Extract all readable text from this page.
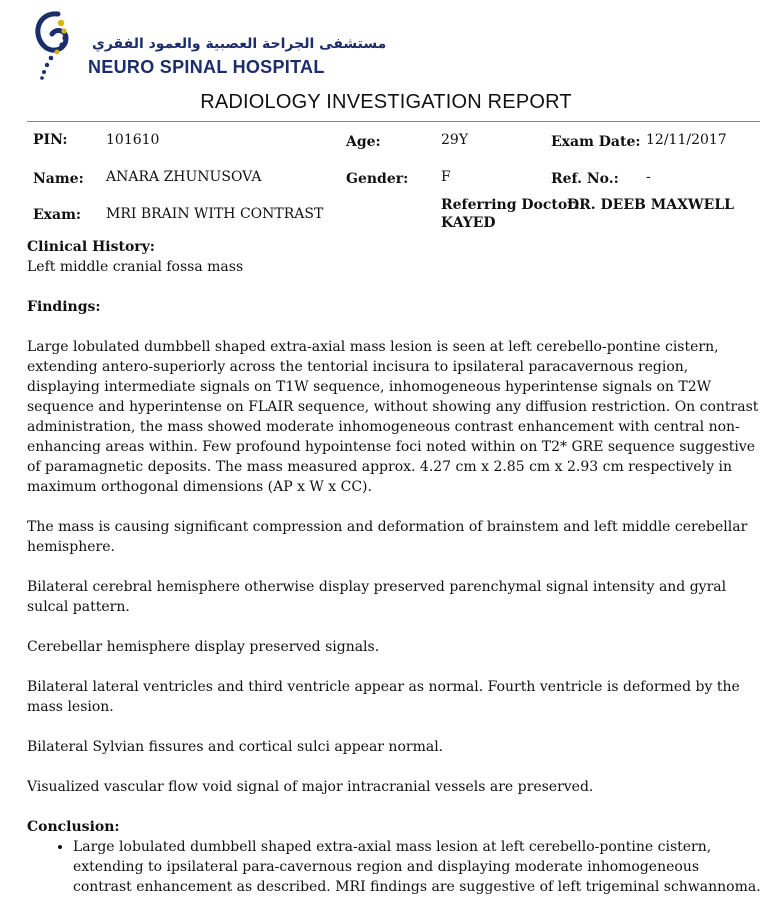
مستشفى الجراحة العصبية والعمود الفقري
NEURO SPINAL HOSPITAL
RADIOLOGY INVESTIGATION REPORT
PIN:	101610	Age:	29Y	Exam Date: 12/11/2017
Name: ANARA ZHUNUSOVA	Gender: F	Ref. No.: -
Exam: MRI BRAIN WITH CONTRAST
Referring Doctor:
DR. DEEB MAXWELL
KAYED

Clinical History:

Left middle cranial fossa mass

Findings:

Large lobulated dumbbell shaped extra-axial mass lesion is seen at left cerebello-pontine cistern, extending antero-superiorly across the tentorial incisura to ipsilateral paracavernous region, displaying intermediate signals on T1W sequence, inhomogeneous hyperintense signals on T2W sequence and hyperintense on FLAIR sequence, without showing any diffusion restriction. On contrast administration, the mass showed moderate inhomogeneous contrast enhancement with central non-enhancing areas within. Few profound hypointense foci noted within on T2* GRE sequence suggestive of paramagnetic deposits. The mass measured approx. 4.27 cm x 2.85 cm x 2.93 cm respectively in maximum orthogonal dimensions (AP x W x CC).

The mass is causing significant compression and deformation of brainstem and left middle cerebellar hemisphere.

Bilateral cerebral hemisphere otherwise display preserved parenchymal signal intensity and gyral sulcal pattern.

Cerebellar hemisphere display preserved signals.

Bilateral lateral ventricles and third ventricle appear as normal. Fourth ventricle is deformed by the mass lesion.

Bilateral Sylvian fissures and cortical sulci appear normal.

Visualized vascular flow void signal of major intracranial vessels are preserved.

Conclusion:

• Large lobulated dumbbell shaped extra-axial mass lesion at left cerebello-pontine cistern, extending to ipsilateral para-cavernous region and displaying moderate inhomogeneous contrast enhancement as described. MRI findings are suggestive of left trigeminal schwannoma.
